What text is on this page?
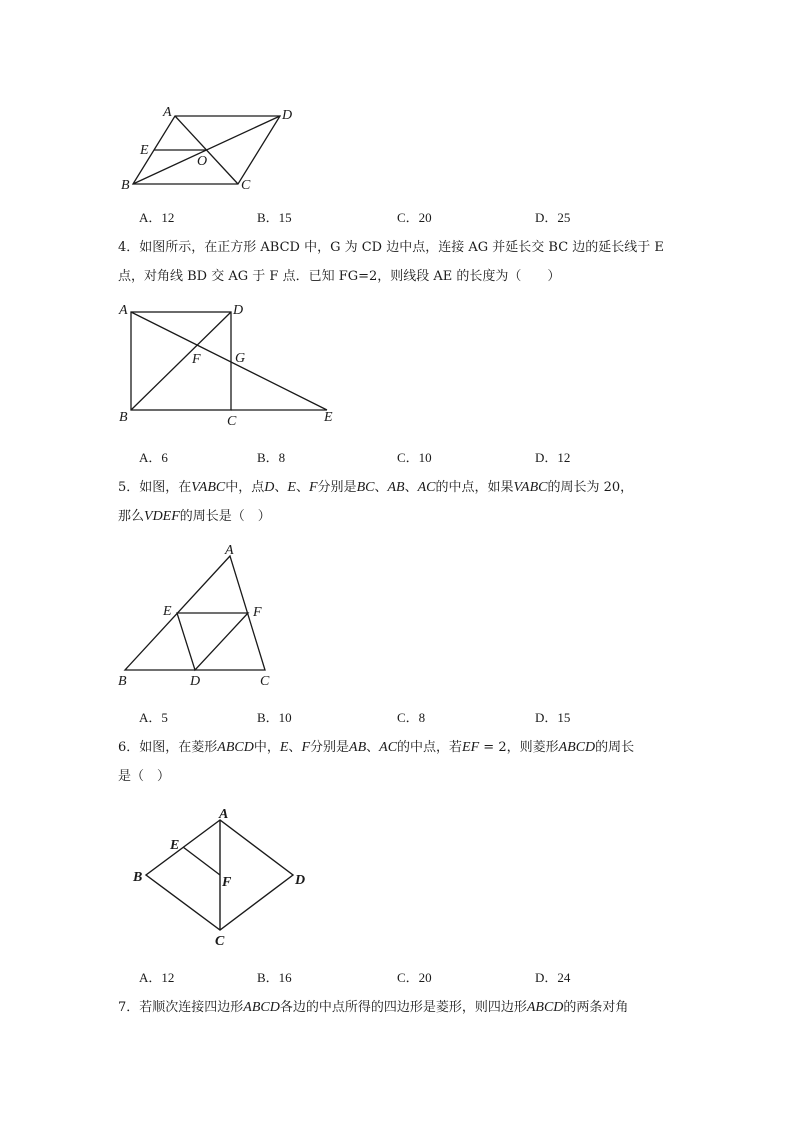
A	D
E
O
B	C
A．12	B．15	C．20	D．25

4．如图所示，在正方形 ABCD 中，G 为 CD 边中点，连接 AG 并延长交 BC 边的延长线于 E

点，对角线 BD 交 AG 于 F 点．已知 FG=2，则线段 AE 的长度为（　　）

A	D
F G
B	C	E
A．6	B．8	C．10	D．12

5．如图，在VABC中，点D、E、F分别是BC、AB、AC的中点，如果VABC的周长为 20，

那么VDEF的周长是（　）

A
E	F
B	D	C
A．5	B．10	C．8	D．15

6．如图，在菱形ABCD中，E、F分别是AB、AC的中点，若EF = 2，则菱形ABCD的周长

是（　）

A
E
B	F	D
C
A．12	B．16	C．20	D．24

7．若顺次连接四边形ABCD各边的中点所得的四边形是菱形，则四边形ABCD的两条对角
